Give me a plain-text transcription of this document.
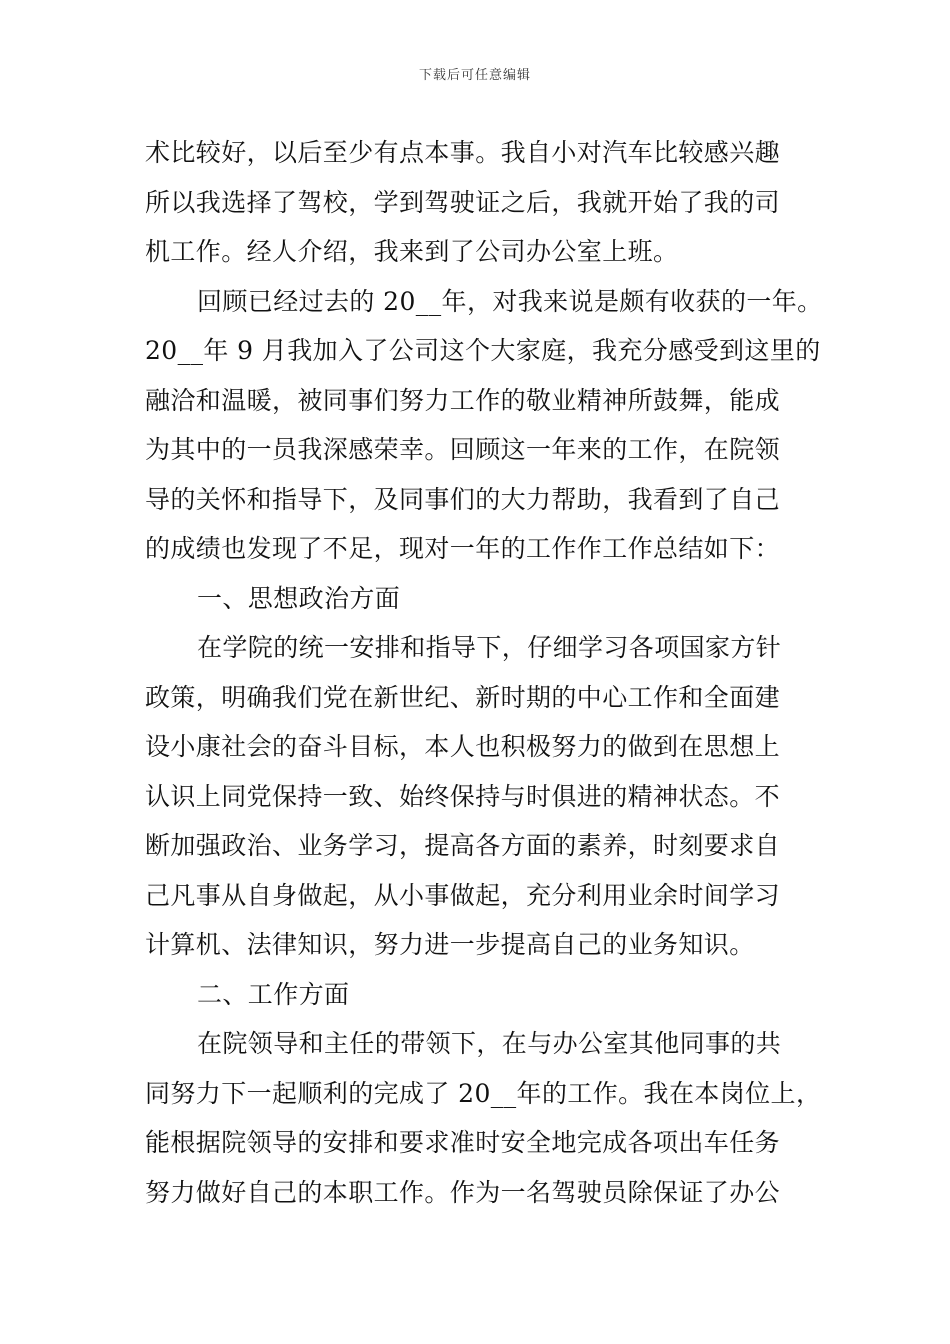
下载后可任意编辑
术比较好，以后至少有点本事。我自小对汽车比较感兴趣
所以我选择了驾校，学到驾驶证之后，我就开始了我的司
机工作。经人介绍，我来到了公司办公室上班。
回顾已经过去的 20__年，对我来说是颇有收获的一年。
20__年 9 月我加入了公司这个大家庭，我充分感受到这里的
融洽和温暖，被同事们努力工作的敬业精神所鼓舞，能成
为其中的一员我深感荣幸。回顾这一年来的工作，在院领
导的关怀和指导下，及同事们的大力帮助，我看到了自己
的成绩也发现了不足，现对一年的工作作工作总结如下：
一、思想政治方面
在学院的统一安排和指导下，仔细学习各项国家方针
政策，明确我们党在新世纪、新时期的中心工作和全面建
设小康社会的奋斗目标，本人也积极努力的做到在思想上
认识上同党保持一致、始终保持与时俱进的精神状态。不
断加强政治、业务学习，提高各方面的素养，时刻要求自
己凡事从自身做起，从小事做起，充分利用业余时间学习
计算机、法律知识，努力进一步提高自己的业务知识。
二、工作方面
在院领导和主任的带领下，在与办公室其他同事的共
同努力下一起顺利的完成了 20__年的工作。我在本岗位上，
能根据院领导的安排和要求准时安全地完成各项出车任务
努力做好自己的本职工作。作为一名驾驶员除保证了办公
